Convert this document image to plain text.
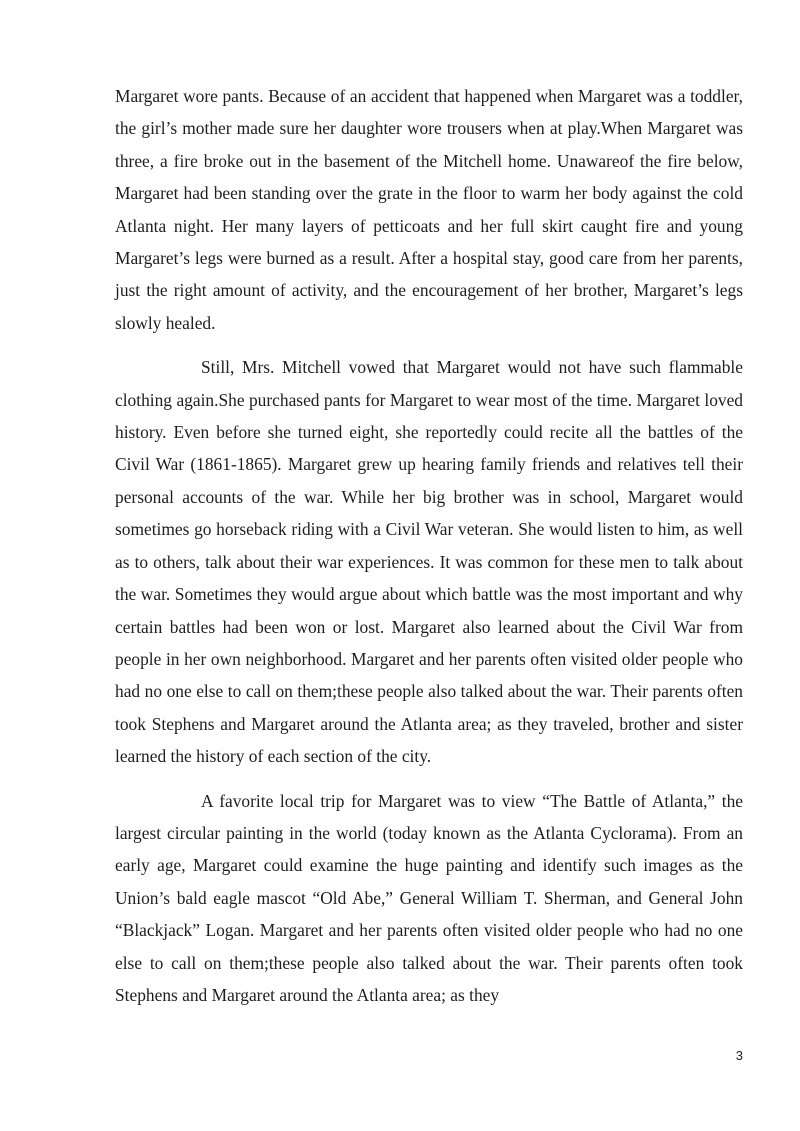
Margaret wore pants. Because of an accident that happened when Margaret was a toddler, the girl’s mother made sure her daughter wore trousers when at play.When Margaret was three, a fire broke out in the basement of the Mitchell home. Unawareof the fire below, Margaret had been standing over the grate in the floor to warm her body against the cold Atlanta night. Her many layers of petticoats and her full skirt caught fire and young Margaret’s legs were burned as a result. After a hospital stay, good care from her parents, just the right amount of activity, and the encouragement of her brother, Margaret’s legs slowly healed.

Still, Mrs. Mitchell vowed that Margaret would not have such flammable clothing again.She purchased pants for Margaret to wear most of the time. Margaret loved history. Even before she turned eight, she reportedly could recite all the battles of the Civil War (1861-1865). Margaret grew up hearing family friends and relatives tell their personal accounts of the war. While her big brother was in school, Margaret would sometimes go horseback riding with a Civil War veteran. She would listen to him, as well as to others, talk about their war experiences. It was common for these men to talk about the war. Sometimes they would argue about which battle was the most important and why certain battles had been won or lost. Margaret also learned about the Civil War from people in her own neighborhood. Margaret and her parents often visited older people who had no one else to call on them;these people also talked about the war. Their parents often took Stephens and Margaret around the Atlanta area; as they traveled, brother and sister learned the history of each section of the city.

A favorite local trip for Margaret was to view “The Battle of Atlanta,” the largest circular painting in the world (today known as the Atlanta Cyclorama). From an early age, Margaret could examine the huge painting and identify such images as the Union’s bald eagle mascot “Old Abe,” General William T. Sherman, and General John “Blackjack” Logan. Margaret and her parents often visited older people who had no one else to call on them;these people also talked about the war. Their parents often took Stephens and Margaret around the Atlanta area; as they

3
